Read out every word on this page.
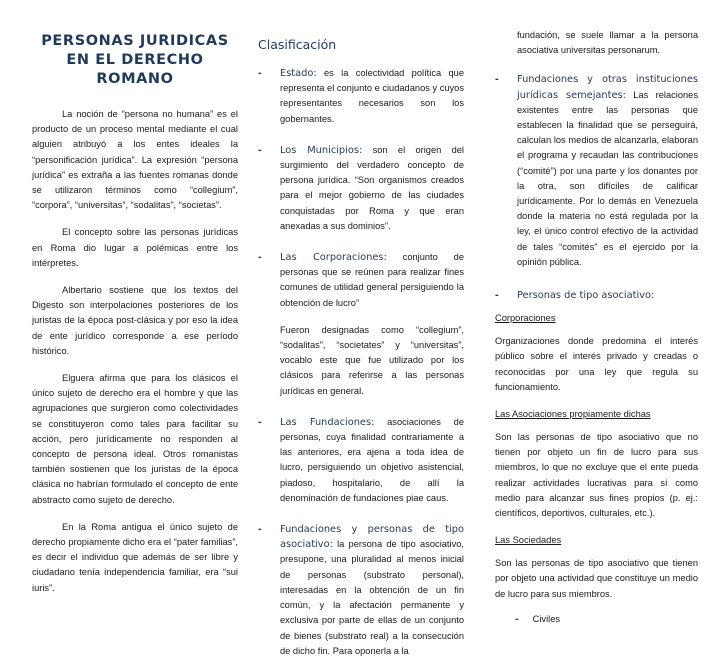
PERSONAS JURIDICAS EN EL DERECHO ROMANO

La noción de “persona no humana” es el producto de un proceso mental mediante el cual alguien atribuyó a los entes ideales la “personificación jurídica”. La expresión “persona jurídica” es extraña a las fuentes romanas donde se utilizaron términos como “collegium”, “corpora”, “universitas”, “sodalitas”, “societas”.

El concepto sobre las personas jurídicas en Roma dio lugar a polémicas entre los intérpretes.

Albertario sostiene que los textos del Digesto son interpolaciones posteriores de los juristas de la época post-clásica y por eso la idea de ente jurídico corresponde a ese período histórico.

Elguera afirma que para los clásicos el único sujeto de derecho era el hombre y que las agrupaciones que surgieron como colectividades se constituyeron como tales para facilitar su acción, pero jurídicamente no responden al concepto de persona ideal. Otros romanistas también sostienen que los juristas de la época clásica no habrían formulado el concepto de ente abstracto como sujeto de derecho.

En la Roma antigua el único sujeto de derecho propiamente dicho era el “pater familias”, es decir el individuo que además de ser libre y ciudadano tenía independencia familiar, era “sui iuris”.

Clasificación
- Estado: es la colectividad política que representa el conjunto e ciudadanos y cuyos representantes necesarios son los gobernantes.
- Los Municipios: son el origen del surgimiento del verdadero concepto de persona jurídica. “Son organismos creados para el mejor gobierno de las ciudades conquistadas por Roma y que eran anexadas a sus dominios”.
- Las Corporaciones: conjunto de personas que se reúnen para realizar fines comunes de utilidad general persiguiendo la obtención de lucro”
Fueron designadas como “collegium”, “sodalitas”, “societates” y “universitas”, vocablo este que fue utilizado por los clásicos para referirse a las personas jurídicas en general.
- Las Fundaciones: asociaciones de personas, cuya finalidad contrariamente a las anteriores, era ajena a toda idea de lucro, persiguiendo un objetivo asistencial, piadoso, hospitalario, de allí la denominación de fundaciones piae caus.
- Fundaciones y personas de tipo asociativo: la persona de tipo asociativo, presupone, una pluralidad al menos inicial de personas (substrato personal), interesadas en la obtención de un fin común, y la afectación permanente y exclusiva por parte de ellas de un conjunto de bienes (substrato real) a la consecución de dicho fin. Para oponerla a la
fundación, se suele llamar a la persona asociativa universitas personarum.
- Fundaciones y otras instituciones jurídicas semejantes: Las relaciones existentes entre las personas que establecen la finalidad que se perseguirá, calculan los medios de alcanzarla, elaboran el programa y recaudan las contribuciones (“comité”) por una parte y los donantes por la otra, son difíciles de calificar jurídicamente. Por lo demás en Venezuela donde la materia no está regulada por la ley, el único control efectivo de la actividad de tales “comités” es el ejercido por la opinión pública.
- Personas de tipo asociativo:
Corporaciones
Organizaciones donde predomina el interés público sobre el interés privado y creadas o reconocidas por una ley que regula su funcionamiento.
Las Asociaciones propiamente dichas
Son las personas de tipo asociativo que no tienen por objeto un fin de lucro para sus miembros, lo que no excluye que el ente pueda realizar actividades lucrativas para sí como medio para alcanzar sus fines propios (p. ej.: científicos, deportivos, culturales, etc.).
Las Sociedades
Son las personas de tipo asociativo que tienen por objeto una actividad que constituye un medio de lucro para sus miembros.
- Civiles
